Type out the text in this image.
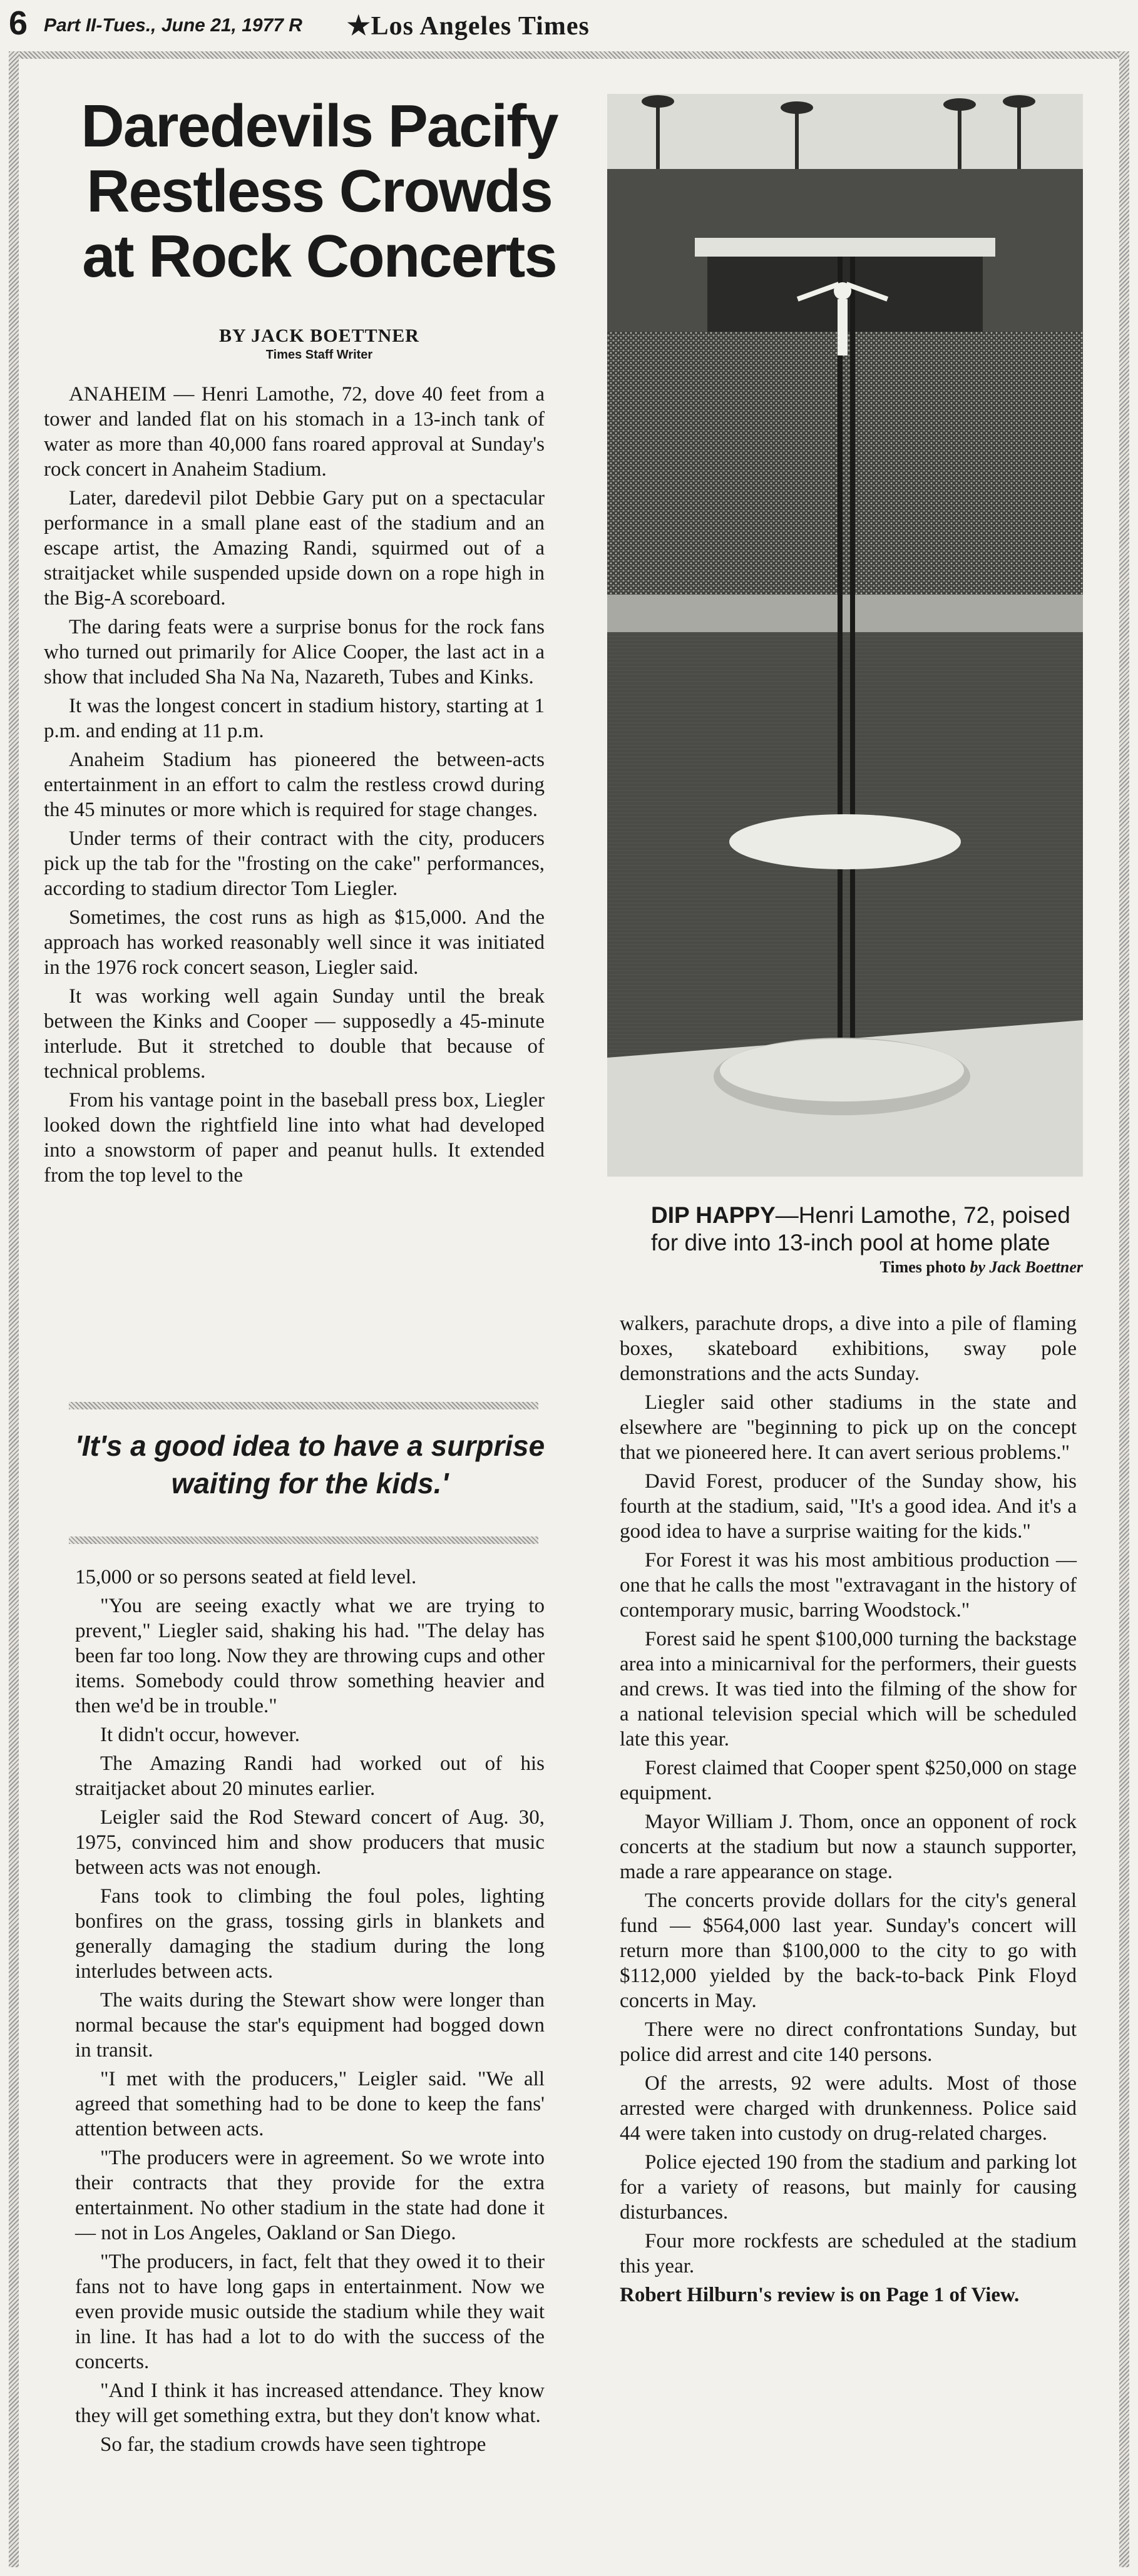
6 Part II-Tues., June 21, 1977 R ★Los Angeles Times
Daredevils Pacify
Restless Crowds
at Rock Concerts
BY JACK BOETTNER
Times Staff Writer

ANAHEIM — Henri Lamothe, 72, dove 40 feet from a tower and landed flat on his stomach in a 13-inch tank of water as more than 40,000 fans roared approval at Sunday's rock concert in Anaheim Stadium.

Later, daredevil pilot Debbie Gary put on a spectacular performance in a small plane east of the stadium and an escape artist, the Amazing Randi, squirmed out of a straitjacket while suspended upside down on a rope high in the Big-A scoreboard.

The daring feats were a surprise bonus for the rock fans who turned out primarily for Alice Cooper, the last act in a show that included Sha Na Na, Nazareth, Tubes and Kinks.

It was the longest concert in stadium history, starting at 1 p.m. and ending at 11 p.m.

Anaheim Stadium has pioneered the between-acts entertainment in an effort to calm the restless crowd during the 45 minutes or more which is required for stage changes.

Under terms of their contract with the city, producers pick up the tab for the "frosting on the cake" performances, according to stadium director Tom Liegler.

Sometimes, the cost runs as high as $15,000. And the approach has worked reasonably well since it was initiated in the 1976 rock concert season, Liegler said.

It was working well again Sunday until the break between the Kinks and Cooper — supposedly a 45-minute interlude. But it stretched to double that because of technical problems.

From his vantage point in the baseball press box, Liegler looked down the rightfield line into what had developed into a snowstorm of paper and peanut hulls. It extended from the top level to the

'It's a good idea to have a surprise waiting for the kids.'

15,000 or so persons seated at field level.

"You are seeing exactly what we are trying to prevent," Liegler said, shaking his had. "The delay has been far too long. Now they are throwing cups and other items. Somebody could throw something heavier and then we'd be in trouble."

It didn't occur, however.

The Amazing Randi had worked out of his straitjacket about 20 minutes earlier.

Leigler said the Rod Steward concert of Aug. 30, 1975, convinced him and show producers that music between acts was not enough.

Fans took to climbing the foul poles, lighting bonfires on the grass, tossing girls in blankets and generally damaging the stadium during the long interludes between acts.

The waits during the Stewart show were longer than normal because the star's equipment had bogged down in transit.

"I met with the producers," Leigler said. "We all agreed that something had to be done to keep the fans' attention between acts.

"The producers were in agreement. So we wrote into their contracts that they provide for the extra entertainment. No other stadium in the state had done it — not in Los Angeles, Oakland or San Diego.

"The producers, in fact, felt that they owed it to their fans not to have long gaps in entertainment. Now we even provide music outside the stadium while they wait in line. It has had a lot to do with the success of the concerts.

"And I think it has increased attendance. They know they will get something extra, but they don't know what.

So far, the stadium crowds have seen tightrope

DIP HAPPY—Henri Lamothe, 72, poised for dive into 13-inch pool at home plate
Times photo by Jack Boettner

walkers, parachute drops, a dive into a pile of flaming boxes, skateboard exhibitions, sway pole demonstrations and the acts Sunday.

Liegler said other stadiums in the state and elsewhere are "beginning to pick up on the concept that we pioneered here. It can avert serious problems."

David Forest, producer of the Sunday show, his fourth at the stadium, said, "It's a good idea. And it's a good idea to have a surprise waiting for the kids."

For Forest it was his most ambitious production — one that he calls the most "extravagant in the history of contemporary music, barring Woodstock."

Forest said he spent $100,000 turning the backstage area into a minicarnival for the performers, their guests and crews. It was tied into the filming of the show for a national television special which will be scheduled late this year.

Forest claimed that Cooper spent $250,000 on stage equipment.

Mayor William J. Thom, once an opponent of rock concerts at the stadium but now a staunch supporter, made a rare appearance on stage.

The concerts provide dollars for the city's general fund — $564,000 last year. Sunday's concert will return more than $100,000 to the city to go with $112,000 yielded by the back-to-back Pink Floyd concerts in May.

There were no direct confrontations Sunday, but police did arrest and cite 140 persons.

Of the arrests, 92 were adults. Most of those arrested were charged with drunkenness. Police said 44 were taken into custody on drug-related charges.

Police ejected 190 from the stadium and parking lot for a variety of reasons, but mainly for causing disturbances.

Four more rockfests are scheduled at the stadium this year.

Robert Hilburn's review is on Page 1 of View.
